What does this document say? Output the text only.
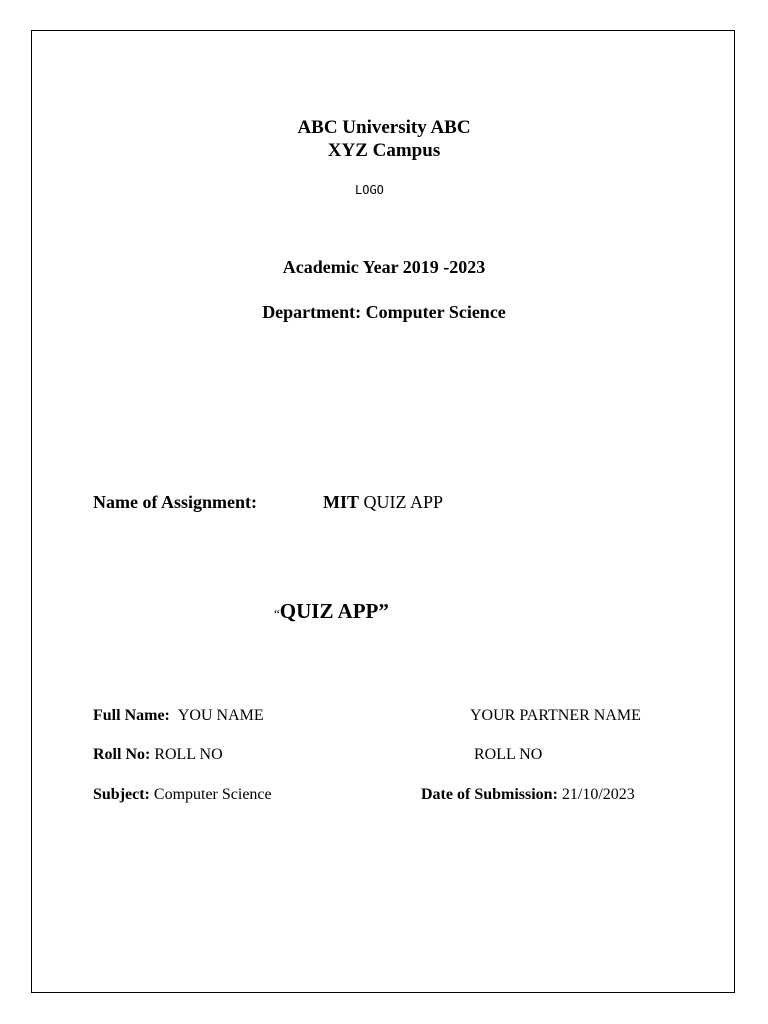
ABC University ABC
XYZ Campus
LOGO
Academic Year 2019 -2023
Department: Computer Science
Name of Assignment:	MIT QUIZ APP
“QUIZ APP”
Full Name: YOU NAME	YOUR PARTNER NAME
Roll No: ROLL NO	ROLL NO
Subject: Computer Science	Date of Submission: 21/10/2023
